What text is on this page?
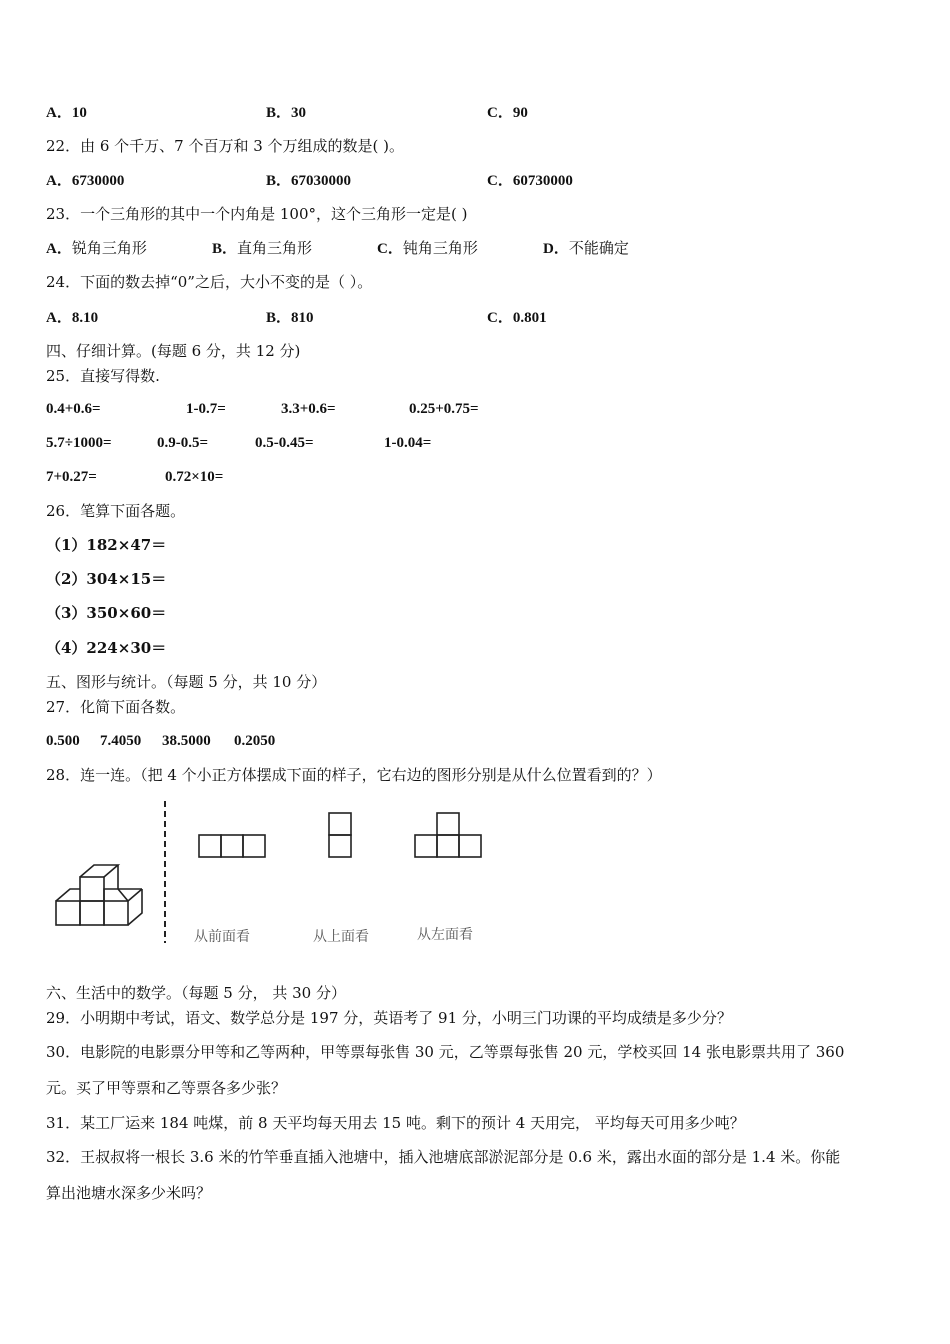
A．10	B．30	C．90
22．由 6 个千万、7 个百万和 3 个万组成的数是( )。
A．6730000	B．67030000	C．60730000
23．一个三角形的其中一个内角是 100°，这个三角形一定是( )
A．锐角三角形	B．直角三角形	C．钝角三角形	D．不能确定
24．下面的数去掉“0”之后，大小不变的是（ ）。
A．8.10	B．810	C．0.801
四、仔细计算。(每题 6 分，共 12 分)
25．直接写得数.
0.4+0.6=	1-0.7=	3.3+0.6=	0.25+0.75=
5.7÷1000=	0.9-0.5=	0.5-0.45=	1-0.04=
7+0.27=	0.72×10=
26．笔算下面各题。
（1）182×47＝
（2）304×15＝
（3）350×60＝
（4）224×30＝
五、图形与统计。（每题 5 分，共 10 分）
27．化简下面各数。
0.500 7.4050 38.5000 0.2050
28．连一连。（把 4 个小正方体摆成下面的样子，它右边的图形分别是从什么位置看到的？）
从前面看	从上面看	从左面看
六、生活中的数学。（每题 5 分， 共 30 分）
29．小明期中考试，语文、数学总分是 197 分，英语考了 91 分，小明三门功课的平均成绩是多少分？
30．电影院的电影票分甲等和乙等两种，甲等票每张售 30 元，乙等票每张售 20 元，学校买回 14 张电影票共用了 360
元。买了甲等票和乙等票各多少张？
31．某工厂运来 184 吨煤，前 8 天平均每天用去 15 吨。剩下的预计 4 天用完， 平均每天可用多少吨？
32．王叔叔将一根长 3.6 米的竹竿垂直插入池塘中，插入池塘底部淤泥部分是 0.6 米，露出水面的部分是 1.4 米。你能
算出池塘水深多少米吗？
